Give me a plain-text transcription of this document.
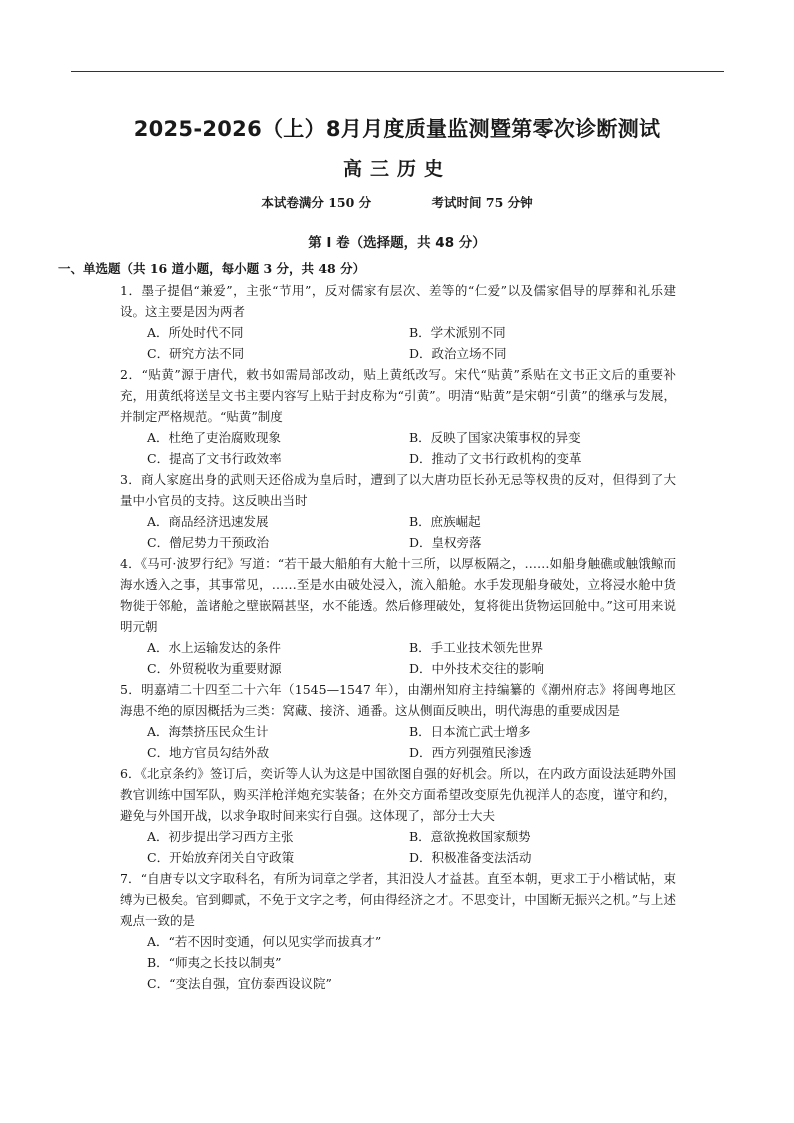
2025-2026（上）8月月度质量监测暨第零次诊断测试
高三历史
本试卷满分 150 分	考试时间 75 分钟
第 I 卷（选择题，共 48 分）
一、单选题（共 16 道小题，每小题 3 分，共 48 分）
1．墨子提倡“兼爱”，主张“节用”，反对儒家有层次、差等的“仁爱”以及儒家倡导的厚葬和礼乐建设。这主要是因为两者
A．所处时代不同	B．学术派别不同
C．研究方法不同	D．政治立场不同
2．“贴黄”源于唐代，敕书如需局部改动，贴上黄纸改写。宋代“贴黄”系贴在文书正文后的重要补充，用黄纸将送呈文书主要内容写上贴于封皮称为“引黄”。明清“贴黄”是宋朝“引黄”的继承与发展，并制定严格规范。“贴黄”制度
A．杜绝了吏治腐败现象	B．反映了国家决策事权的异变
C．提高了文书行政效率	D．推动了文书行政机构的变革
3．商人家庭出身的武则天还俗成为皇后时，遭到了以大唐功臣长孙无忌等权贵的反对，但得到了大量中小官员的支持。这反映出当时
A．商品经济迅速发展	B．庶族崛起
C．僧尼势力干预政治	D．皇权旁落
4．《马可·波罗行纪》写道：“若干最大船舶有大舱十三所，以厚板隔之，……如船身触礁或触饿鲸而海水透入之事，其事常见，……至是水由破处浸入，流入船舱。水手发现船身破处，立将浸水舱中货物徙于邻舱，盖诸舱之壁嵌隔甚坚，水不能透。然后修理破处，复将徙出货物运回舱中。”这可用来说明元朝
A．水上运输发达的条件	B．手工业技术领先世界
C．外贸税收为重要财源	D．中外技术交往的影响
5．明嘉靖二十四至二十六年（1545—1547 年），由潮州知府主持编纂的《潮州府志》将闽粤地区海患不绝的原因概括为三类：窝藏、接济、通番。这从侧面反映出，明代海患的重要成因是
A．海禁挤压民众生计	B．日本流亡武士增多
C．地方官员勾结外敌	D．西方列强殖民渗透
6．《北京条约》签订后，奕䜣等人认为这是中国欲图自强的好机会。所以，在内政方面设法延聘外国教官训练中国军队，购买洋枪洋炮充实装备；在外交方面希望改变原先仇视洋人的态度，谨守和约，避免与外国开战，以求争取时间来实行自强。这体现了，部分士大夫
A．初步提出学习西方主张	B．意欲挽救国家颓势
C．开始放弃闭关自守政策	D．积极准备变法活动
7．“自唐专以文字取科名，有所为词章之学者，其汨没人才益甚。直至本朝，更求工于小楷试帖，束缚为已极矣。官到卿贰，不免于文字之考，何由得经济之才。不思变计，中国断无振兴之机。”与上述观点一致的是
A．“若不因时变通，何以见实学而拔真才”
B．“师夷之长技以制夷”
C．“变法自强，宜仿泰西设议院”
